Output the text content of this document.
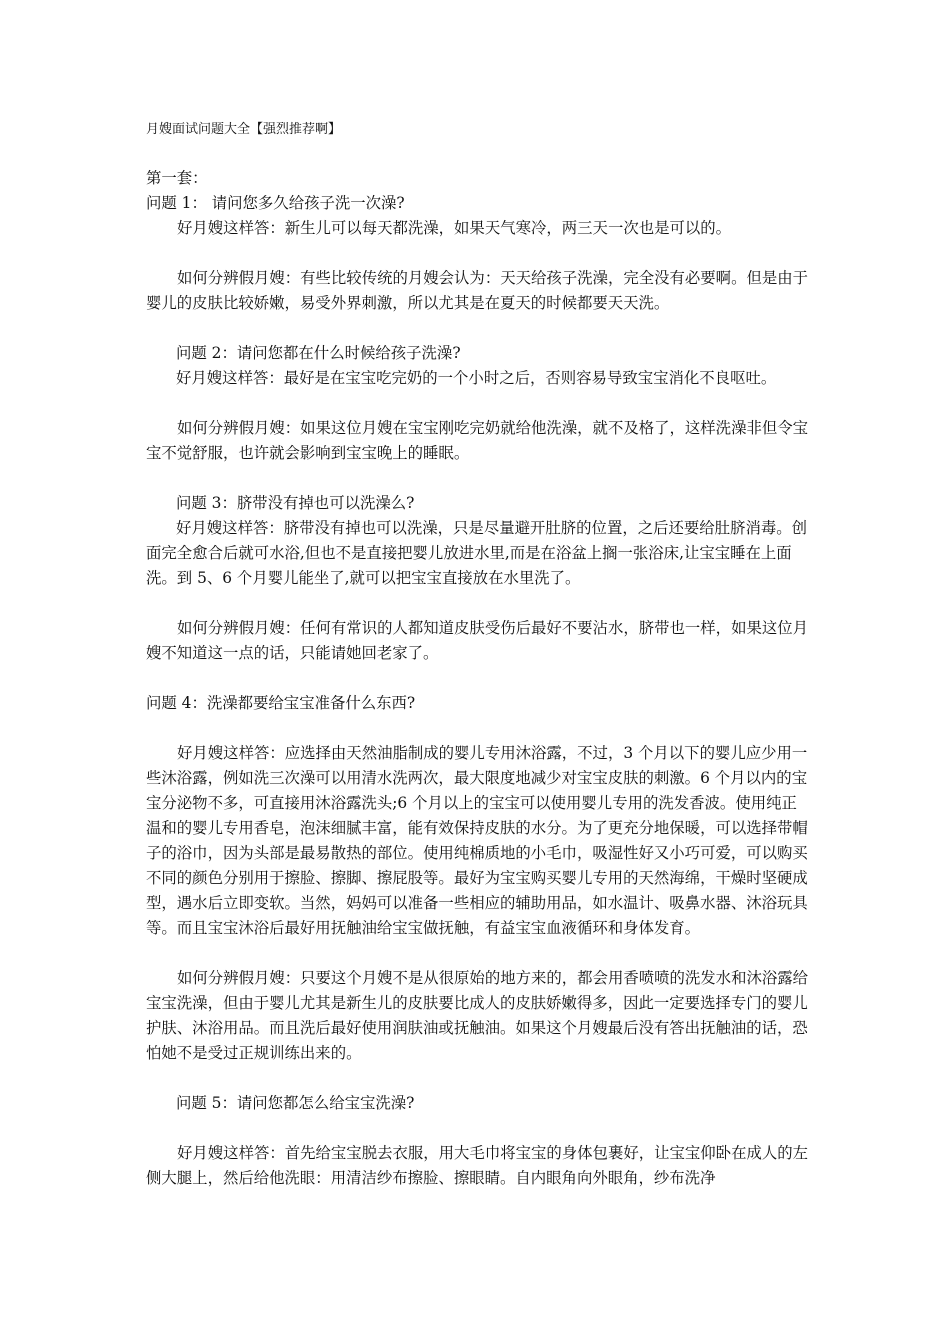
月嫂面试问题大全【强烈推荐啊】

第一套：

问题 1： 请问您多久给孩子洗一次澡?

好月嫂这样答：新生儿可以每天都洗澡，如果天气寒冷，两三天一次也是可以的。

如何分辨假月嫂：有些比较传统的月嫂会认为：天天给孩子洗澡，完全没有必要啊。但是由于婴儿的皮肤比较娇嫩，易受外界刺激，所以尤其是在夏天的时候都要天天洗。

问题 2：请问您都在什么时候给孩子洗澡?

好月嫂这样答：最好是在宝宝吃完奶的一个小时之后，否则容易导致宝宝消化不良呕吐。

如何分辨假月嫂：如果这位月嫂在宝宝刚吃完奶就给他洗澡，就不及格了，这样洗澡非但令宝宝不觉舒服，也许就会影响到宝宝晚上的睡眠。

问题 3：脐带没有掉也可以洗澡么?

好月嫂这样答：脐带没有掉也可以洗澡，只是尽量避开肚脐的位置，之后还要给肚脐消毒。创面完全愈合后就可水浴,但也不是直接把婴儿放进水里,而是在浴盆上搁一张浴床,让宝宝睡在上面洗。到 5、6 个月婴儿能坐了,就可以把宝宝直接放在水里洗了。

如何分辨假月嫂：任何有常识的人都知道皮肤受伤后最好不要沾水，脐带也一样，如果这位月嫂不知道这一点的话，只能请她回老家了。

问题 4：洗澡都要给宝宝准备什么东西?

好月嫂这样答：应选择由天然油脂制成的婴儿专用沐浴露，不过，3 个月以下的婴儿应少用一些沐浴露，例如洗三次澡可以用清水洗两次，最大限度地减少对宝宝皮肤的刺激。6 个月以内的宝宝分泌物不多，可直接用沐浴露洗头;6 个月以上的宝宝可以使用婴儿专用的洗发香波。使用纯正温和的婴儿专用香皂，泡沫细腻丰富，能有效保持皮肤的水分。为了更充分地保暖，可以选择带帽子的浴巾，因为头部是最易散热的部位。使用纯棉质地的小毛巾，吸湿性好又小巧可爱，可以购买不同的颜色分别用于擦脸、擦脚、擦屁股等。最好为宝宝购买婴儿专用的天然海绵，干燥时坚硬成型，遇水后立即变软。当然，妈妈可以准备一些相应的辅助用品，如水温计、吸鼻水器、沐浴玩具等。而且宝宝沐浴后最好用抚触油给宝宝做抚触，有益宝宝血液循环和身体发育。

如何分辨假月嫂：只要这个月嫂不是从很原始的地方来的，都会用香喷喷的洗发水和沐浴露给宝宝洗澡，但由于婴儿尤其是新生儿的皮肤要比成人的皮肤娇嫩得多，因此一定要选择专门的婴儿护肤、沐浴用品。而且洗后最好使用润肤油或抚触油。如果这个月嫂最后没有答出抚触油的话，恐怕她不是受过正规训练出来的。

问题 5：请问您都怎么给宝宝洗澡?

好月嫂这样答：首先给宝宝脱去衣服，用大毛巾将宝宝的身体包裹好，让宝宝仰卧在成人的左侧大腿上，然后给他洗眼：用清洁纱布擦脸、擦眼睛。自内眼角向外眼角，纱布洗净
